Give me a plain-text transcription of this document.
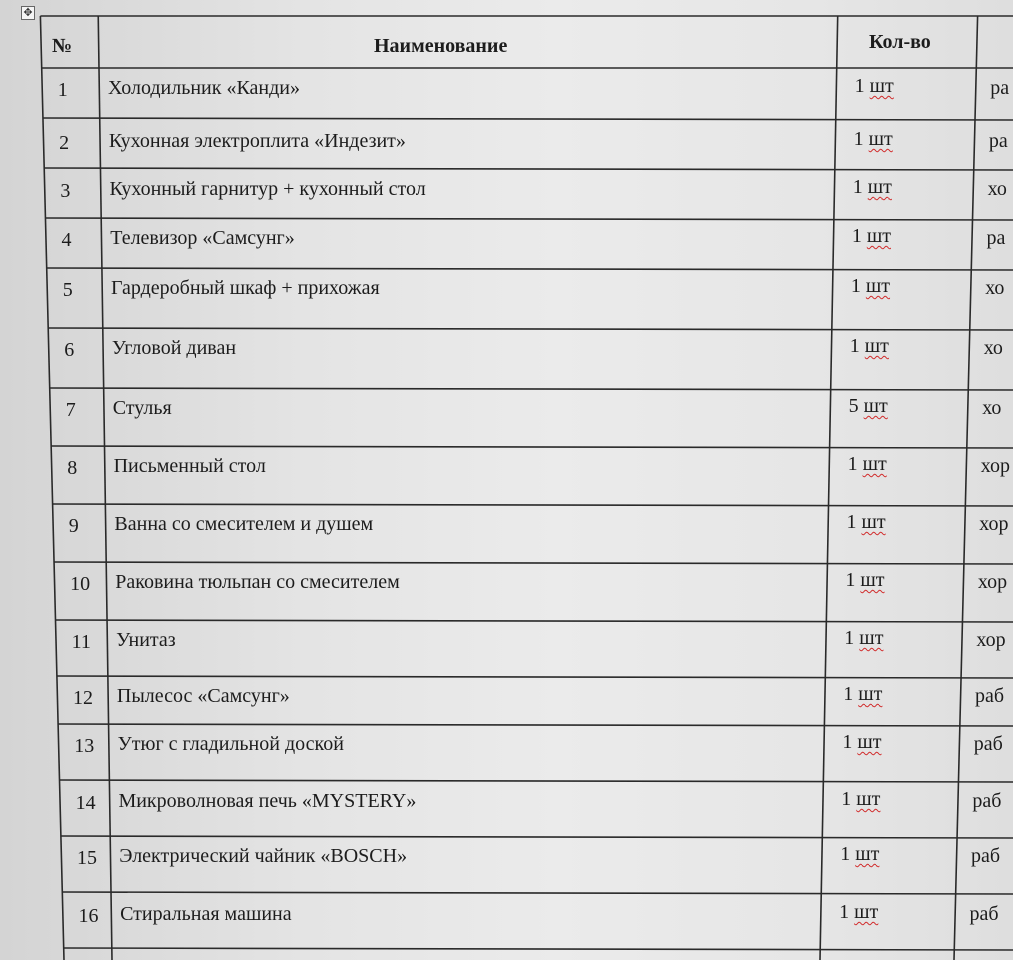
✥
№	Наименование	Кол-во
1 Холодильник «Канди»	1 шт	ра
2 Кухонная электроплита «Индезит»	1 шт	ра
3 Кухонный гарнитур + кухонный стол	1 шт	хо
4 Телевизор «Самсунг»	1 шт	ра
5 Гардеробный шкаф + прихожая	1 шт	хо
6 Угловой диван	1 шт	хо
7 Стулья	5 шт	хо
8 Письменный стол	1 шт	хор
9 Ванна со смесителем и душем	1 шт	хор
10 Раковина тюльпан со смесителем	1 шт	хор
11 Унитаз	1 шт	хор
12 Пылесос «Самсунг»	1 шт	раб
13 Утюг с гладильной доской	1 шт	раб
14 Микроволновая печь «MYSTERY»	1 шт	раб
15 Электрический чайник «BOSCH»	1 шт	раб
16 Стиральная машина	1 шт	раб
